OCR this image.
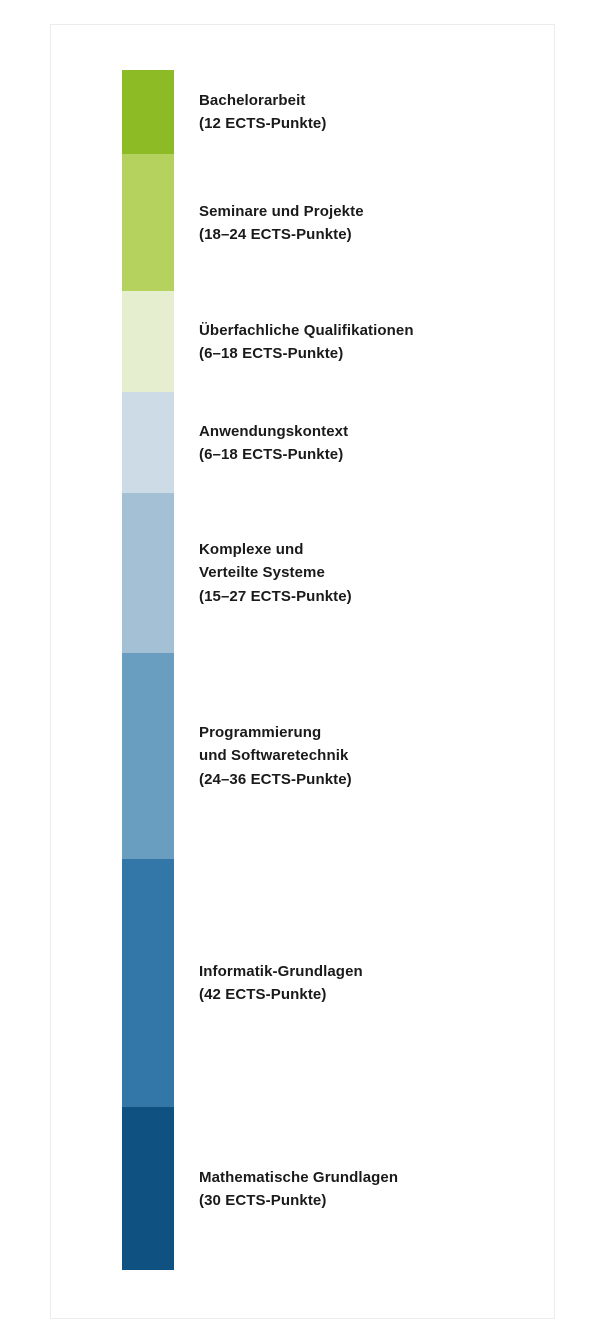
Bachelorarbeit
(12 ECTS-Punkte)
Seminare und Projekte
(18–24 ECTS-Punkte)
Überfachliche Qualifikationen
(6–18 ECTS-Punkte)
Anwendungskontext
(6–18 ECTS-Punkte)
Komplexe und
Verteilte Systeme
(15–27 ECTS-Punkte)
Programmierung
und Softwaretechnik
(24–36 ECTS-Punkte)
Informatik-Grundlagen
(42 ECTS-Punkte)
Mathematische Grundlagen
(30 ECTS-Punkte)
